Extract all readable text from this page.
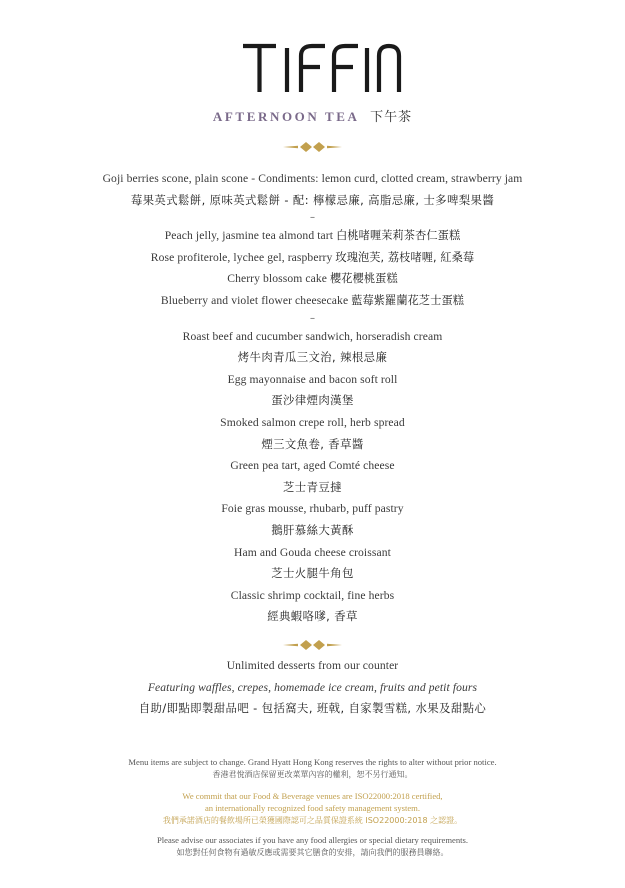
AFTERNOON TEA 下午茶
Goji berries scone, plain scone - Condiments: lemon curd, clotted cream, strawberry jam
莓果英式鬆餅, 原味英式鬆餅 - 配: 檸檬忌廉, 高脂忌廉, 士多啤梨果醬
–
Peach jelly, jasmine tea almond tart 白桃啫喱茉莉茶杏仁蛋糕
Rose profiterole, lychee gel, raspberry 玫瑰泡芙, 荔枝啫喱, 紅桑莓
Cherry blossom cake 櫻花櫻桃蛋糕
Blueberry and violet flower cheesecake 藍莓紫羅蘭花芝士蛋糕
–
Roast beef and cucumber sandwich, horseradish cream
烤牛肉青瓜三文治, 辣根忌廉
Egg mayonnaise and bacon soft roll
蛋沙律煙肉漢堡
Smoked salmon crepe roll, herb spread
煙三文魚卷, 香草醬
Green pea tart, aged Comté cheese
芝士青豆撻
Foie gras mousse, rhubarb, puff pastry
鵝肝慕絲大黃酥
Ham and Gouda cheese croissant
芝士火腿牛角包
Classic shrimp cocktail, fine herbs
經典蝦咯嗲, 香草
Unlimited desserts from our counter
Featuring waffles, crepes, homemade ice cream, fruits and petit fours
自助/即點即製甜品吧 - 包括窩夫, 班戟, 自家製雪糕, 水果及甜點心
Menu items are subject to change. Grand Hyatt Hong Kong reserves the rights to alter without prior notice.
香港君悅酒店保留更改菜單內容的權利，恕不另行通知。
We commit that our Food & Beverage venues are ISO22000:2018 certified,
an internationally recognized food safety management system.
我們承諾酒店的餐飲場所已榮獲國際認可之品質保證系統 ISO22000:2018 之認證。
Please advise our associates if you have any food allergies or special dietary requirements.
如您對任何食物有過敏反應或需要其它膳食的安排，請向我們的服務員聯絡。
